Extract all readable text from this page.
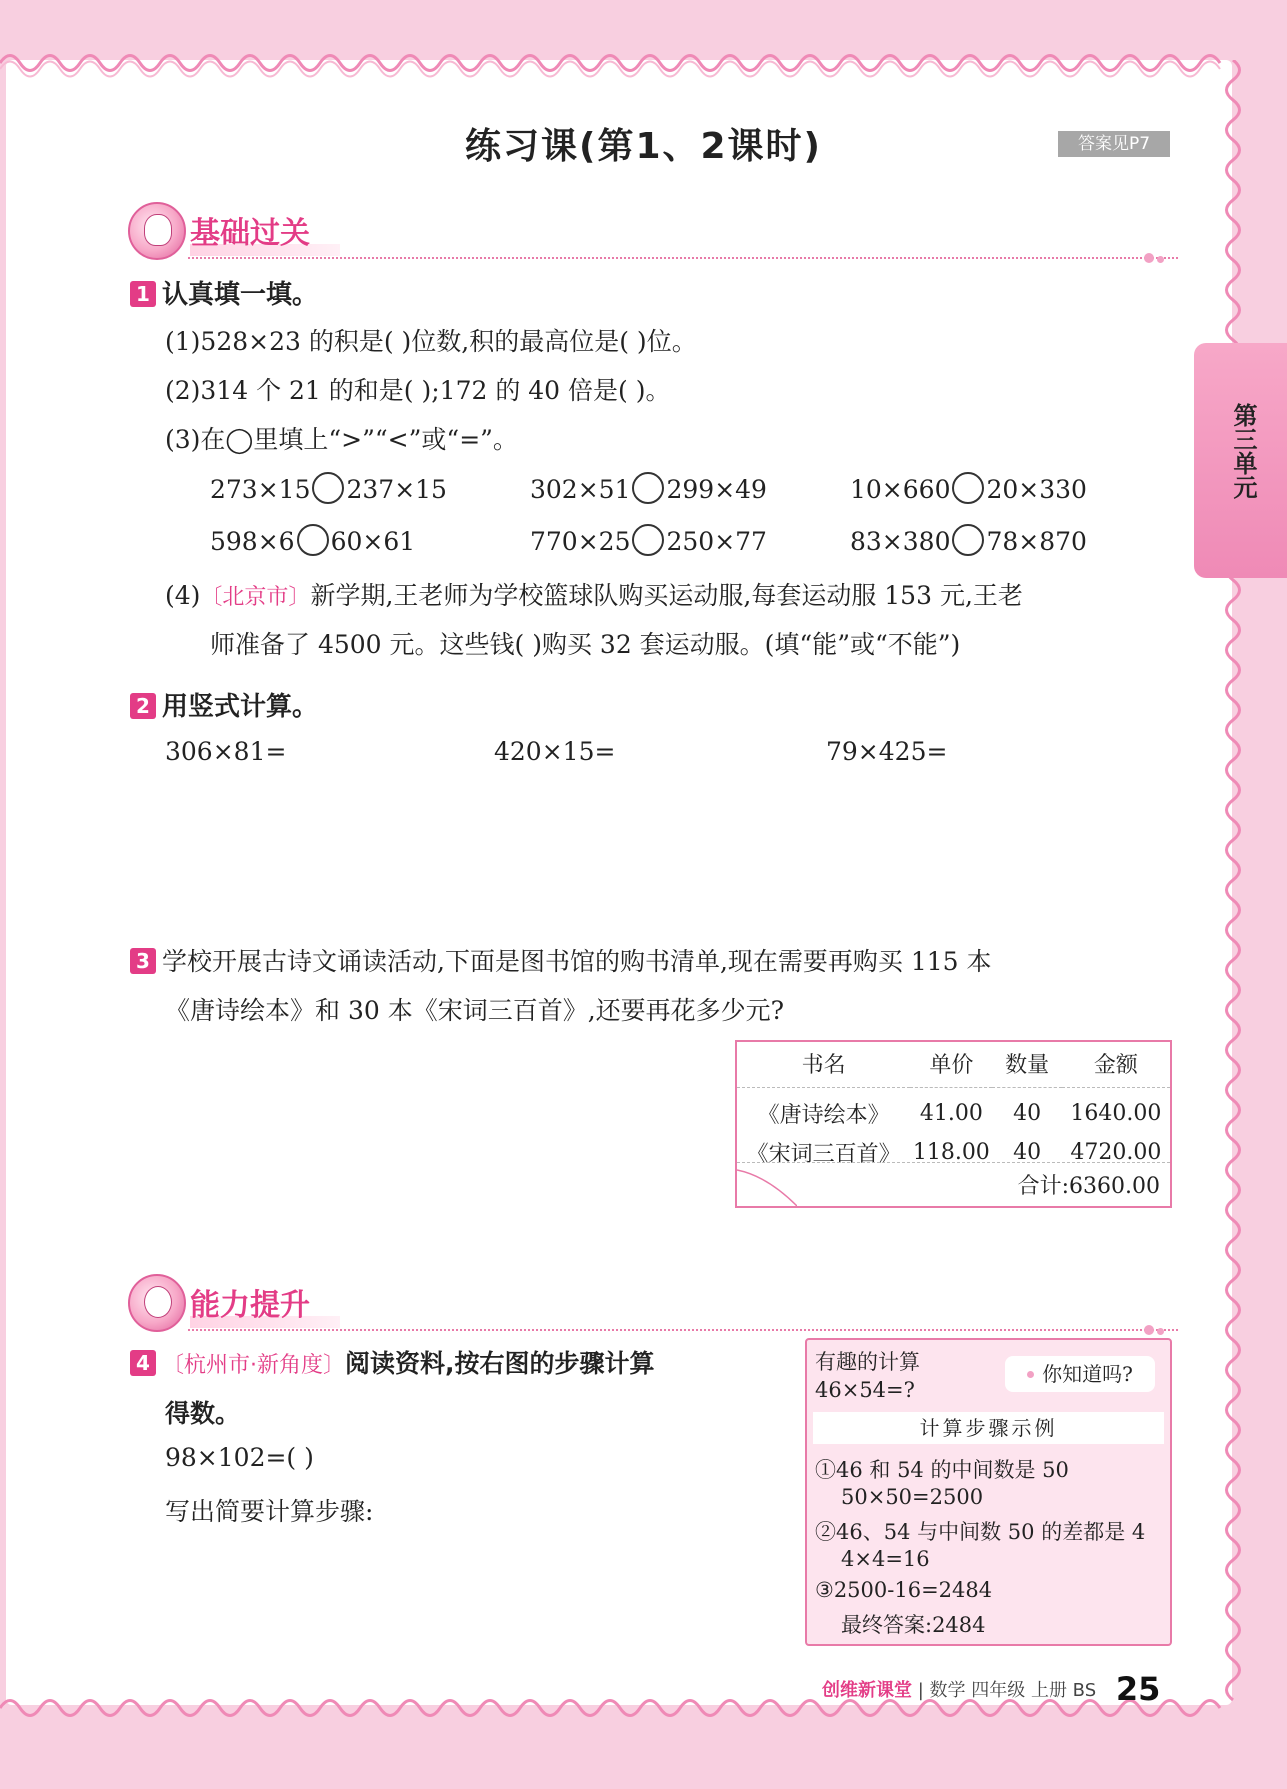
练习课(第1、2课时)	答案见P7
第三单元
基础过关
1 认真填一填。
(1)528×23 的积是( )位数,积的最高位是( )位。
(2)314 个 21 的和是( );172 的 40 倍是( )。
(3)在◯里填上“>”“<”或“=”。
273×15 237×15	302×51 299×49	10×660 20×330
598×6 60×61	770×25 250×77	83×380 78×870
(4)〔北京市〕新学期,王老师为学校篮球队购买运动服,每套运动服 153 元,王老
师准备了 4500 元。这些钱( )购买 32 套运动服。(填“能”或“不能”)
2 用竖式计算。
306×81=	420×15=	79×425=
3 学校开展古诗文诵读活动,下面是图书馆的购书清单,现在需要再购买 115 本
《唐诗绘本》和 30 本《宋词三百首》,还要再花多少元?
书名	单价	数量	金额
《唐诗绘本》	41.00	40	1640.00
《宋词三百首》	118.00	40	4720.00
合计:6360.00
能力提升
4 〔杭州市·新角度〕阅读资料,按右图的步骤计算
得数。
98×102=( )
写出简要计算步骤:
有趣的计算
46×54=?
你知道吗?
计算步骤示例
①46 和 54 的中间数是 50
50×50=2500
②46、54 与中间数 50 的差都是 4
4×4=16
③2500-16=2484
最终答案:2484
创维新课堂 | 数学 四年级 上册 BS 25
